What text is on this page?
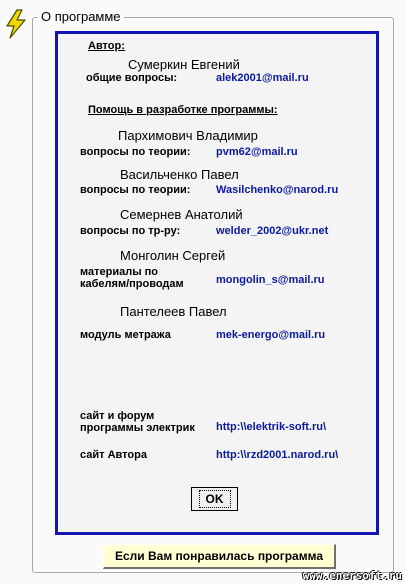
О программе
Автор:
Сумеркин Евгений
общие вопросы:	alek2001@mail.ru
Помощь в разработке программы:
Пархимович Владимир
вопросы по теории: pvm62@mail.ru
Васильченко Павел
вопросы по теории: Wasilchenko@narod.ru
Семернев Анатолий
вопросы по тр-ру:	welder_2002@ukr.net
Монголин Сергей
материалы по
кабелям/проводам	mongolin_s@mail.ru
Пантелеев Павел
модуль метража	mek-energo@mail.ru
сайт и форум
программы электрик http:\\elektrik-soft.ru\
сайт Автора	http:\\rzd2001.narod.ru\
OK
Если Вам понравилась программа
www.enersoft.ru
